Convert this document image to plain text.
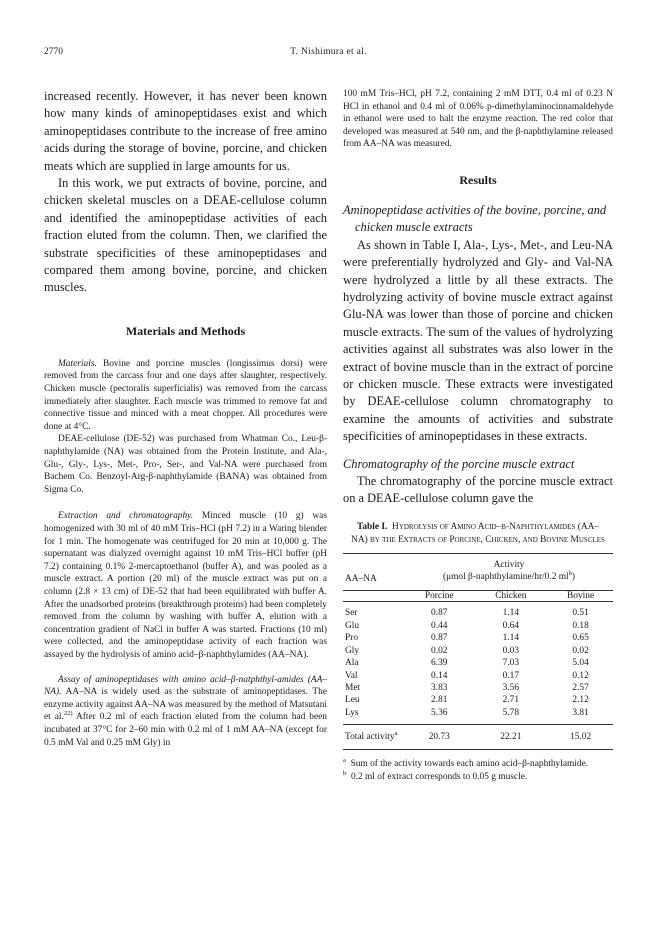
2770	T. Nishimura et al.

increased recently. However, it has never been known how many kinds of aminopeptidases exist and which aminopeptidases contribute to the increase of free amino acids during the storage of bovine, porcine, and chicken meats which are supplied in large amounts for us.

In this work, we put extracts of bovine, porcine, and chicken skeletal muscles on a DEAE-cellulose column and identified the aminopeptidase activities of each fraction eluted from the column. Then, we clarified the substrate specificities of these aminopeptidases and compared them among bovine, porcine, and chicken muscles.

Materials and Methods

Materials. Bovine and porcine muscles (longissimus dorsi) were removed from the carcass four and one days after slaughter, respectively. Chicken muscle (pectoralis superficialis) was removed from the carcass immediately after slaughter. Each muscle was trimmed to remove fat and connective tissue and minced with a meat chopper. All procedures were done at 4°C.

DEAE-cellulose (DE-52) was purchased from Whatman Co., Leu-β-naphthylamide (NA) was obtained from the Protein Institute, and Ala-, Glu-, Gly-, Lys-, Met-, Pro-, Ser-, and Val-NA were purchased from Bachem Co. Benzoyl-Arg-β-naphthylamide (BANA) was obtained from Sigma Co.

Extraction and chromatography. Minced muscle (10 g) was homogenized with 30 ml of 40 mM Tris–HCl (pH 7.2) in a Waring blender for 1 min. The homogenate was centrifuged for 20 min at 10,000 g. The supernatant was dialyzed overnight against 10 mM Tris–HCl buffer (pH 7.2) containing 0.1% 2-mercaptoethanol (buffer A), and was pooled as a muscle extract. A portion (20 ml) of the muscle extract was put on a column (2.8 × 13 cm) of DE-52 that had been equilibrated with buffer A. After the unadsorbed proteins (breakthrough proteins) had been completely removed from the column by washing with buffer A, elution with a concentration gradient of NaCl in buffer A was started. Fractions (10 ml) were collected, and the aminopeptidase activity of each fraction was assayed by the hydrolysis of amino acid–β-naphthylamides (AA–NA).

Assay of aminopeptidases with amino acid–β-natphthyl-amides (AA–NA). AA–NA is widely used as the substrate of aminopeptidases. The enzyme activity against AA–NA was measured by the method of Matsutani et al.$^{22)}$ After 0.2 ml of each fraction eluted from the column had been incubated at 37°C for 2–60 min with 0.2 ml of 1 mM AA–NA (except for 0.5 mM Val and 0.25 mM Gly) in

100 mM Tris–HCl, pH 7.2, containing 2 mM DTT, 0.4 ml of 0.23 N HCl in ethanol and 0.4 ml of 0.06% p-dimethylaminocinnamaldehyde in ethanol were used to halt the enzyme reaction. The red color that developed was measured at 540 nm, and the β-naphthylamine released from AA–NA was measured.

Results

Aminopeptidase activities of the bovine, porcine, and chicken muscle extracts

As shown in Table I, Ala-, Lys-, Met-, and Leu-NA were preferentially hydrolyzed and Gly- and Val-NA were hydrolyzed a little by all these extracts. The hydrolyzing activity of bovine muscle extract against Glu-NA was lower than those of porcine and chicken muscle extracts. The sum of the values of hydrolyzing activities against all substrates was also lower in the extract of bovine muscle than in the extract of porcine or chicken muscle. These extracts were investigated by DEAE-cellulose column chromatography to examine the amounts of activities and substrate specificities of aminopeptidases in these extracts.

Chromatography of the porcine muscle extract

The chromatography of the porcine muscle extract on a DEAE-cellulose column gave the

Table I. Hydrolysis of Amino Acid–β-Naphthylamides (AA–NA) by the Extracts of Porcine, Chicken, and Bovine Muscles

AA–NA	Activity		
	(μmol β-naphthylamine/hr/0.2 $ml^b$)		
	Porcine	Chicken	Bovine
Ser	0.87	1.14	0.51
Glu	0.44	0.64	0.18
Pro	0.87	1.14	0.65
Gly	0.02	0.03	0.02
Ala	6.39	7.03	5.04
Val	0.14	0.17	0.12
Met	3.83	3.56	2.57
Leu	2.81	2.71	2.12
Lys	5.36	5.78	3.81

Total activity$^a$	20.73	22.21	15.02

$^a$ Sum of the activity towards each amino acid–β-naphthylamide.

$^b$ 0.2 ml of extract corresponds to 0.05 g muscle.
